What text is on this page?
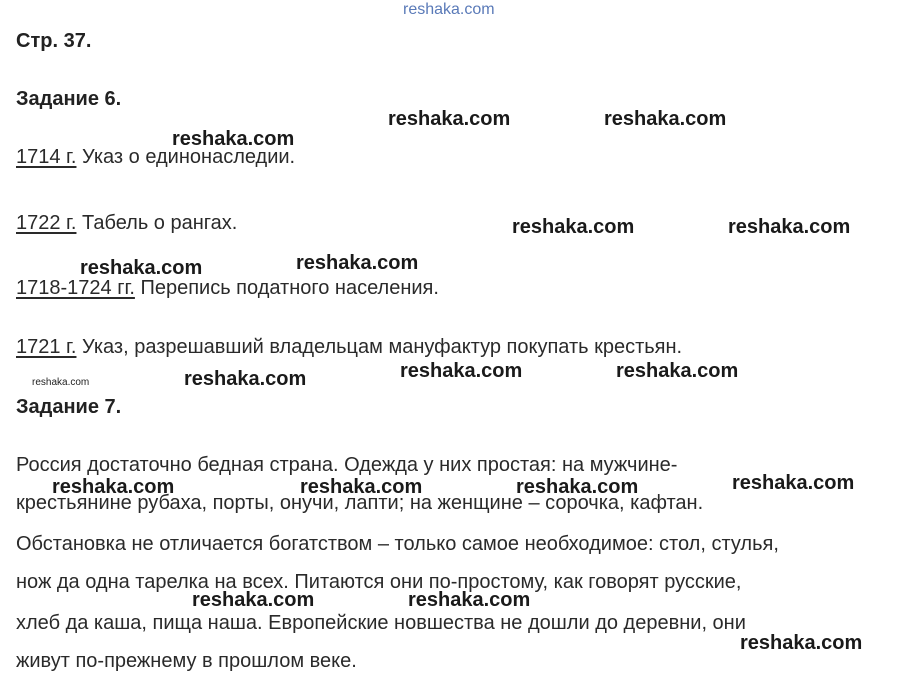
Стр. 37.
Задание 6.
1714 г. Указ о единонаследии.
1722 г. Табель о рангах.
1718-1724 гг. Перепись податного населения.
1721 г. Указ, разрешавший владельцам мануфактур покупать крестьян.
Задание 7.
Россия достаточно бедная страна. Одежда у них простая: на мужчине-
крестьянине рубаха, порты, онучи, лапти; на женщине – сорочка, кафтан.
Обстановка не отличается богатством – только самое необходимое: стол, стулья,
нож да одна тарелка на всех. Питаются они по-простому, как говорят русские,
хлеб да каша, пища наша. Европейские новшества не дошли до деревни, они
живут по-прежнему в прошлом веке.
reshaka.com
reshaka.com	reshaka.com
reshaka.com
reshaka.com	reshaka.com
reshaka.com
reshaka.com
reshaka.com	reshaka.com
reshaka.com
reshaka.com
reshaka.com
reshaka.com	reshaka.com	reshaka.com
reshaka.com	reshaka.com
reshaka.com
